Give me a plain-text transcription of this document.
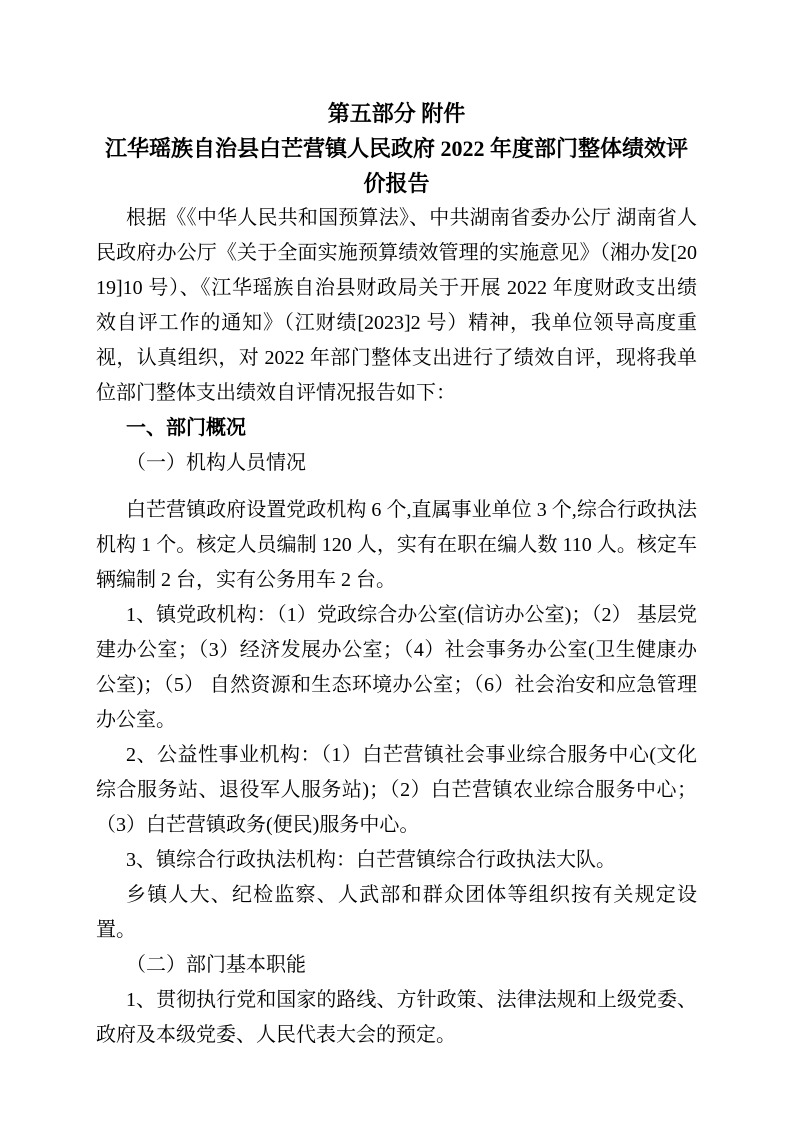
第五部分 附件
江华瑶族自治县白芒营镇人民政府 2022 年度部门整体绩效评价报告

根据《《中华人民共和国预算法》、中共湖南省委办公厅 湖南省人民政府办公厅《关于全面实施预算绩效管理的实施意见》（湘办发[2019]10 号）、《江华瑶族自治县财政局关于开展 2022 年度财政支出绩效自评工作的通知》（江财绩[2023]2 号）精神，我单位领导高度重视，认真组织，对 2022 年部门整体支出进行了绩效自评，现将我单位部门整体支出绩效自评情况报告如下：

一、部门概况

（一）机构人员情况

白芒营镇政府设置党政机构 6 个,直属事业单位 3 个,综合行政执法机构 1 个。核定人员编制 120 人，实有在职在编人数 110 人。核定车辆编制 2 台，实有公务用车 2 台。

1、镇党政机构：（1）党政综合办公室(信访办公室)；（2） 基层党建办公室；（3）经济发展办公室；（4）社会事务办公室(卫生健康办公室)；（5） 自然资源和生态环境办公室；（6）社会治安和应急管理办公室。

2、公益性事业机构：（1）白芒营镇社会事业综合服务中心(文化综合服务站、退役军人服务站)；（2）白芒营镇农业综合服务中心；（3）白芒营镇政务(便民)服务中心。

3、镇综合行政执法机构：白芒营镇综合行政执法大队。

乡镇人大、纪检监察、人武部和群众团体等组织按有关规定设置。

（二）部门基本职能

1、贯彻执行党和国家的路线、方针政策、法律法规和上级党委、政府及本级党委、人民代表大会的预定。
